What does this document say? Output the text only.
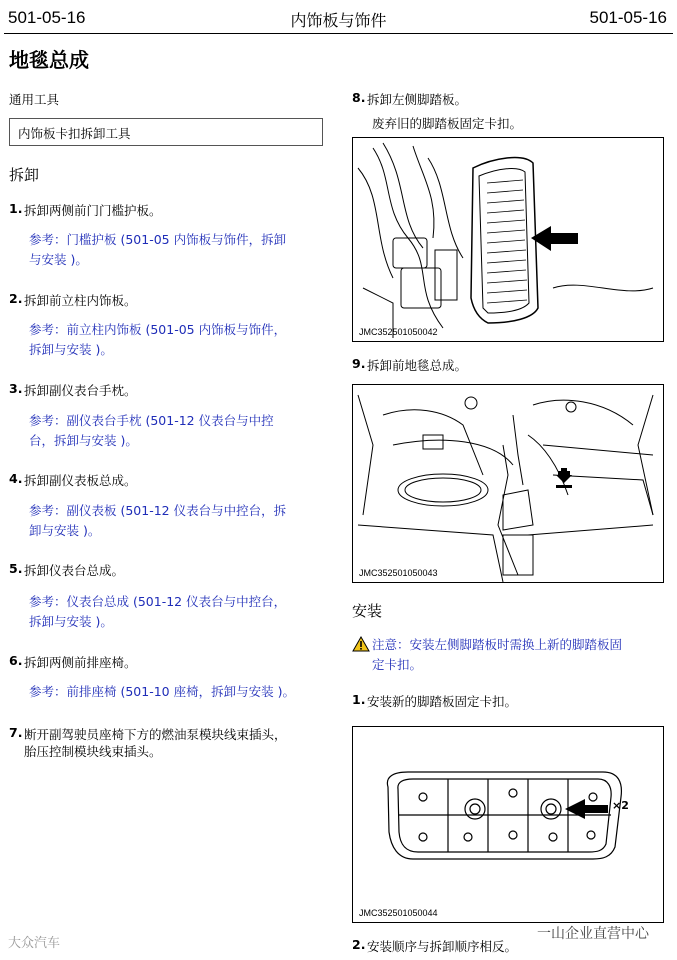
501-05-16	内饰板与饰件	501-05-16
地毯总成
通用工具
内饰板卡扣拆卸工具
拆卸
1. 拆卸两侧前门门槛护板。
参考：门槛护板 (501-05 内饰板与饰件，拆卸
与安装 )。
2. 拆卸前立柱内饰板。
参考：前立柱内饰板 (501-05 内饰板与饰件，
拆卸与安装 )。
3. 拆卸副仪表台手枕。
参考：副仪表台手枕 (501-12 仪表台与中控
台，拆卸与安装 )。
4. 拆卸副仪表板总成。
参考：副仪表板 (501-12 仪表台与中控台，拆
卸与安装 )。
5. 拆卸仪表台总成。
参考：仪表台总成 (501-12 仪表台与中控台，
拆卸与安装 )。
6. 拆卸两侧前排座椅。
参考：前排座椅 (501-10 座椅，拆卸与安装 )。
7. 断开副驾驶员座椅下方的燃油泵模块线束插头，
胎压控制模块线束插头。
8. 拆卸左侧脚踏板。
废弃旧的脚踏板固定卡扣。
JMC352501050042
9. 拆卸前地毯总成。
JMC352501050043
安装
注意：安装左侧脚踏板时需换上新的脚踏板固
定卡扣。
1. 安装新的脚踏板固定卡扣。
×2
JMC352501050044
2. 安装顺序与拆卸顺序相反。
大众汽车
一山企业直营中心
